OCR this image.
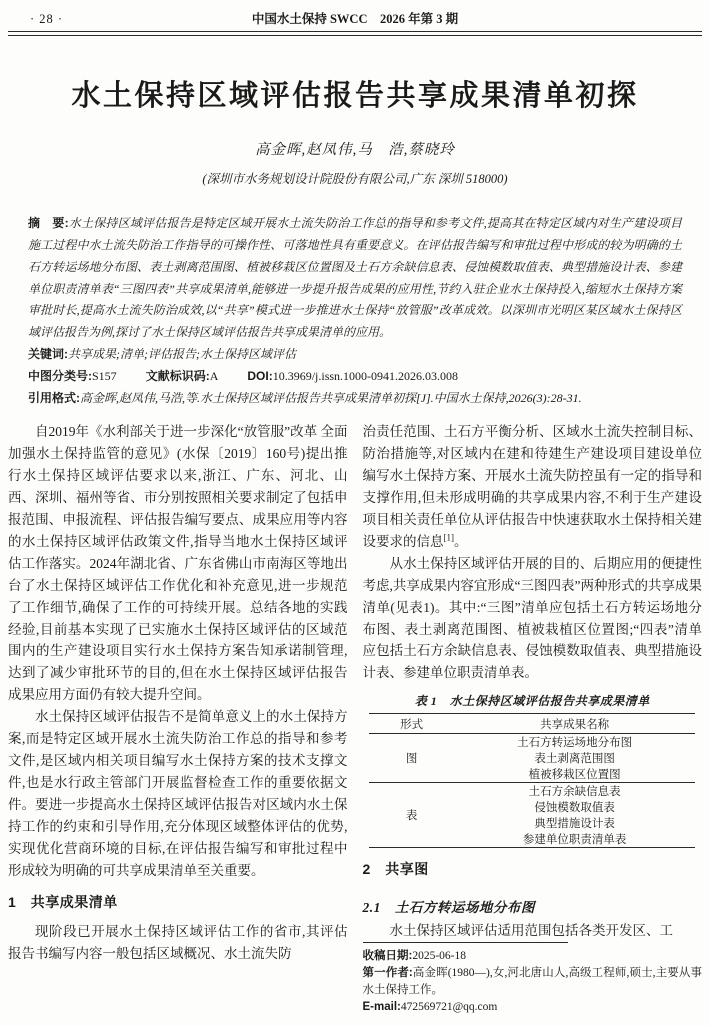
· 28 ·	中国水土保持 SWCC　2026 年第 3 期
水土保持区域评估报告共享成果清单初探
高金晖,赵凤伟,马　浩,蔡晓玲
(深圳市水务规划设计院股份有限公司,广东 深圳 518000)

摘　要:水土保持区域评估报告是特定区域开展水土流失防治工作总的指导和参考文件,提高其在特定区域内对生产建设项目施工过程中水土流失防治工作指导的可操作性、可落地性具有重要意义。在评估报告编写和审批过程中形成的较为明确的土石方转运场地分布图、表土剥离范围图、植被移栽区位置图及土石方余缺信息表、侵蚀模数取值表、典型措施设计表、参建单位职责清单表“三图四表”共享成果清单,能够进一步提升报告成果的应用性,节约入驻企业水土保持投入,缩短水土保持方案审批时长,提高水土流失防治成效,以“共享”模式进一步推进水土保持“放管服”改革成效。以深圳市光明区某区域水土保持区域评估报告为例,探讨了水土保持区域评估报告共享成果清单的应用。

关键词:共享成果;清单;评估报告;水土保持区域评估

中图分类号:S157 文献标识码:A DOI:10.3969/j.issn.1000-0941.2026.03.008

引用格式:高金晖,赵凤伟,马浩,等.水土保持区域评估报告共享成果清单初探[J].中国水土保持,2026(3):28-31.

自2019年《水利部关于进一步深化“放管服”改革 全面加强水土保持监管的意见》(水保〔2019〕160号)提出推行水土保持区域评估要求以来,浙江、广东、河北、山西、深圳、福州等省、市分别按照相关要求制定了包括申报范围、申报流程、评估报告编写要点、成果应用等内容的水土保持区域评估政策文件,指导当地水土保持区域评估工作落实。2024年湖北省、广东省佛山市南海区等地出台了水土保持区域评估工作优化和补充意见,进一步规范了工作细节,确保了工作的可持续开展。总结各地的实践经验,目前基本实现了已实施水土保持区域评估的区域范围内的生产建设项目实行水土保持方案告知承诺制管理,达到了减少审批环节的目的,但在水土保持区域评估报告成果应用方面仍有较大提升空间。

水土保持区域评估报告不是简单意义上的水土保持方案,而是特定区域开展水土流失防治工作总的指导和参考文件,是区域内相关项目编写水土保持方案的技术支撑文件,也是水行政主管部门开展监督检查工作的重要依据文件。要进一步提高水土保持区域评估报告对区域内水土保持工作的约束和引导作用,充分体现区域整体评估的优势,实现优化营商环境的目标,在评估报告编写和审批过程中形成较为明确的可共享成果清单至关重要。

1　共享成果清单

现阶段已开展水土保持区域评估工作的省市,其评估报告书编写内容一般包括区域概况、水土流失防

治责任范围、土石方平衡分析、区域水土流失控制目标、防治措施等,对区域内在建和待建生产建设项目建设单位编写水土保持方案、开展水土流失防控虽有一定的指导和支撑作用,但未形成明确的共享成果内容,不利于生产建设项目相关责任单位从评估报告中快速获取水土保持相关建设要求的信息[1]。

从水土保持区域评估开展的目的、后期应用的便捷性考虑,共享成果内容宜形成“三图四表”两种形式的共享成果清单(见表1)。其中:“三图”清单应包括土石方转运场地分布图、表土剥离范围图、植被栽植区位置图;“四表”清单应包括土石方余缺信息表、侵蚀模数取值表、典型措施设计表、参建单位职责清单表。

表 1　水土保持区域评估报告共享成果清单
形式	共享成果名称
图	土石方转运场地分布图
	表土剥离范围图
	植被移栽区位置图
表	土石方余缺信息表
	侵蚀模数取值表
	典型措施设计表
	参建单位职责清单表
2　共享图
2.1　土石方转运场地分布图

水土保持区域评估适用范围包括各类开发区、工

收稿日期:2025-06-18

第一作者:高金晖(1980—),女,河北唐山人,高级工程师,硕士,主要从事水土保持工作。

E-mail:472569721@qq.com
